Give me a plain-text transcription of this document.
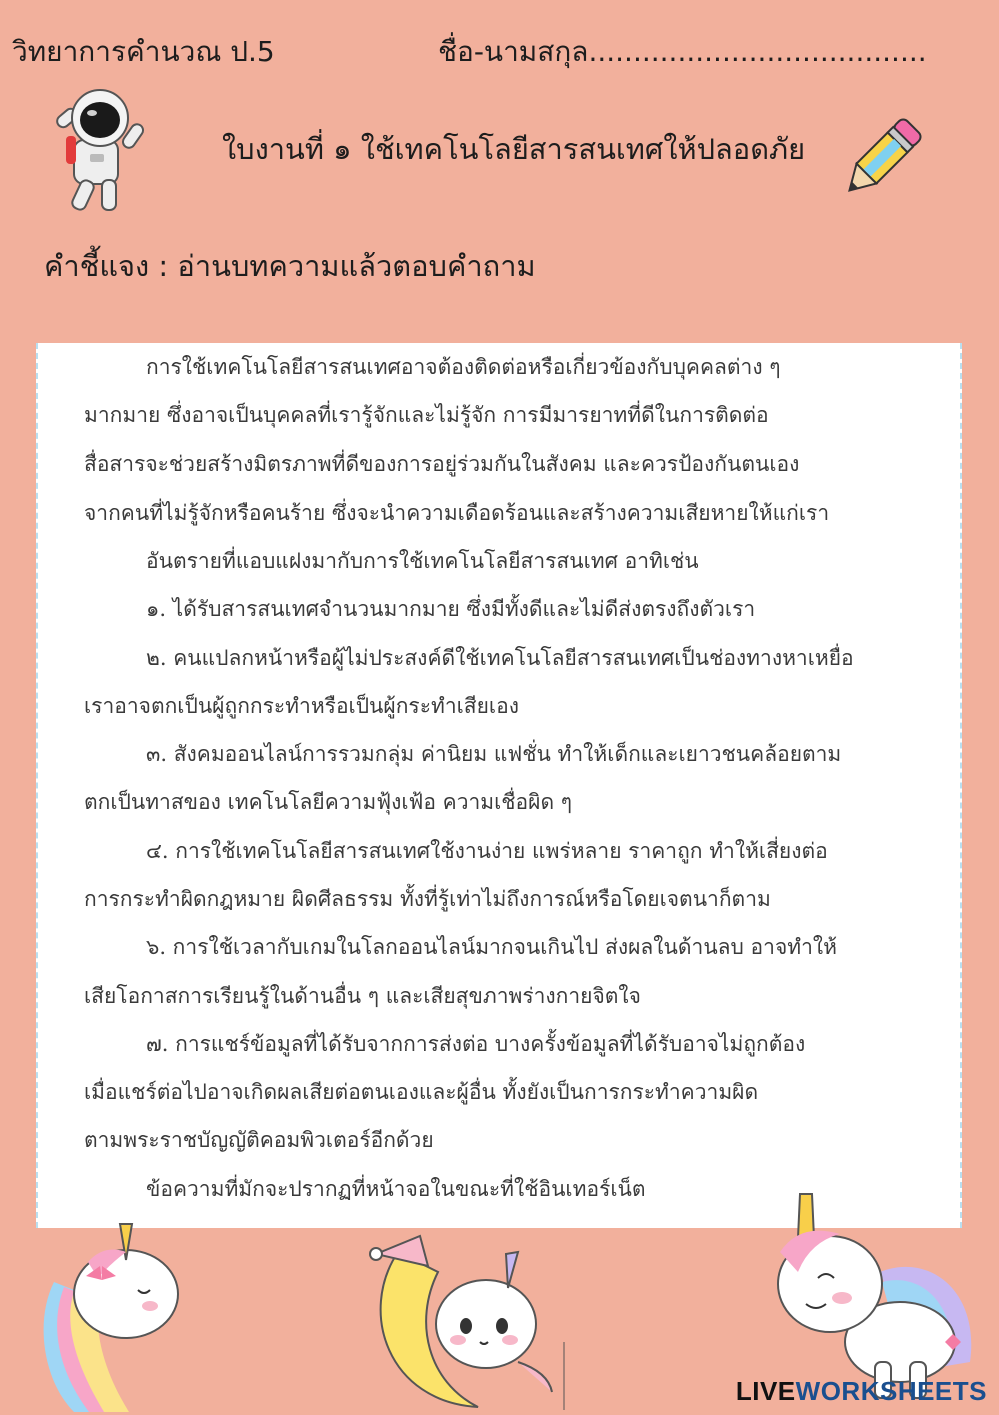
วิทยาการคำนวณ ป.5	ชื่อ-นามสกุล......................................
ใบงานที่ ๑ ใช้เทคโนโลยีสารสนเทศให้ปลอดภัย
คำชี้แจง : อ่านบทความแล้วตอบคำถาม
การใช้เทคโนโลยีสารสนเทศอาจต้องติดต่อหรือเกี่ยวข้องกับบุคคลต่าง ๆ
มากมาย ซึ่งอาจเป็นบุคคลที่เรารู้จักและไม่รู้จัก การมีมารยาทที่ดีในการติดต่อ
สื่อสารจะช่วยสร้างมิตรภาพที่ดีของการอยู่ร่วมกันในสังคม และควรป้องกันตนเอง
จากคนที่ไม่รู้จักหรือคนร้าย ซึ่งจะนำความเดือดร้อนและสร้างความเสียหายให้แก่เรา
อันตรายที่แอบแฝงมากับการใช้เทคโนโลยีสารสนเทศ อาทิเช่น
๑. ได้รับสารสนเทศจำนวนมากมาย ซึ่งมีทั้งดีและไม่ดีส่งตรงถึงตัวเรา
๒. คนแปลกหน้าหรือผู้ไม่ประสงค์ดีใช้เทคโนโลยีสารสนเทศเป็นช่องทางหาเหยื่อ
เราอาจตกเป็นผู้ถูกกระทำหรือเป็นผู้กระทำเสียเอง
๓. สังคมออนไลน์การรวมกลุ่ม ค่านิยม แฟชั่น ทำให้เด็กและเยาวชนคล้อยตาม
ตกเป็นทาสของ เทคโนโลยีความฟุ้งเฟ้อ ความเชื่อผิด ๆ
๔. การใช้เทคโนโลยีสารสนเทศใช้งานง่าย แพร่หลาย ราคาถูก ทำให้เสี่ยงต่อ
การกระทำผิดกฎหมาย ผิดศีลธรรม ทั้งที่รู้เท่าไม่ถึงการณ์หรือโดยเจตนาก็ตาม
๖. การใช้เวลากับเกมในโลกออนไลน์มากจนเกินไป ส่งผลในด้านลบ อาจทำให้
เสียโอกาสการเรียนรู้ในด้านอื่น ๆ และเสียสุขภาพร่างกายจิตใจ
๗. การแชร์ข้อมูลที่ได้รับจากการส่งต่อ บางครั้งข้อมูลที่ได้รับอาจไม่ถูกต้อง
เมื่อแชร์ต่อไปอาจเกิดผลเสียต่อตนเองและผู้อื่น ทั้งยังเป็นการกระทำความผิด
ตามพระราชบัญญัติคอมพิวเตอร์อีกด้วย
ข้อความที่มักจะปรากฏที่หน้าจอในขณะที่ใช้อินเทอร์เน็ต
LIVEWORKSHEETS
